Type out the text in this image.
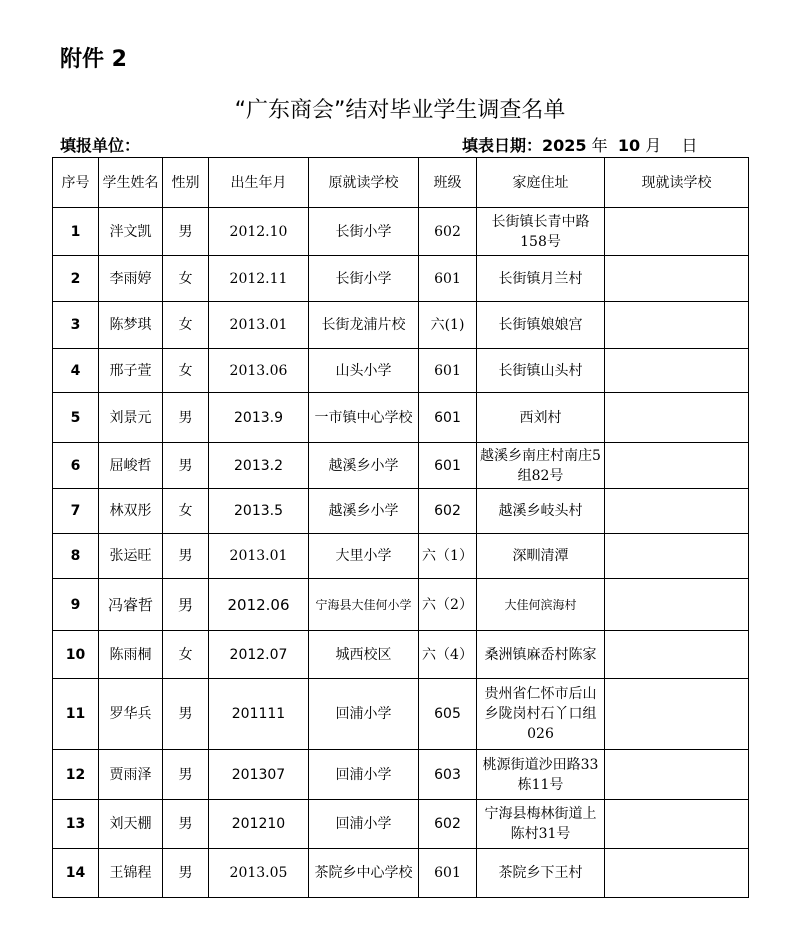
附件 2
“广东商会”结对毕业学生调查名单
填报单位：	填表日期：2025 年 10 月 日
序号	学生姓名	性别	出生年月	原就读学校	班级	家庭住址	现就读学校
1	泮文凯	男	2012.10	长街小学	602	长街镇长青中路158号	
2	李雨婷	女	2012.11	长街小学	601	长街镇月兰村	
3	陈梦琪	女	2013.01	长街龙浦片校	六(1)	长街镇娘娘宫	
4	邢子萱	女	2013.06	山头小学	601	长街镇山头村	
5	刘景元	男	2013.9	一市镇中心学校	601	西刘村	
6	屈峻哲	男	2013.2	越溪乡小学	601	越溪乡南庄村南庄5组82号	
7	林双彤	女	2013.5	越溪乡小学	602	越溪乡岐头村	
8	张运旺	男	2013.01	大里小学	六（1）	深甽清潭	
9	冯睿哲	男	2012.06	宁海县大佳何小学	六（2）	大佳何滨海村	
10	陈雨桐	女	2012.07	城西校区	六（4）	桑洲镇麻岙村陈家	
11	罗华兵	男	201111	回浦小学	605	贵州省仁怀市后山乡陇岗村石丫口组026	
12	贾雨泽	男	201307	回浦小学	603	桃源街道沙田路33栋11号	
13	刘天棚	男	201210	回浦小学	602	宁海县梅林街道上陈村31号	
14	王锦程	男	2013.05	茶院乡中心学校	601	茶院乡下王村	
